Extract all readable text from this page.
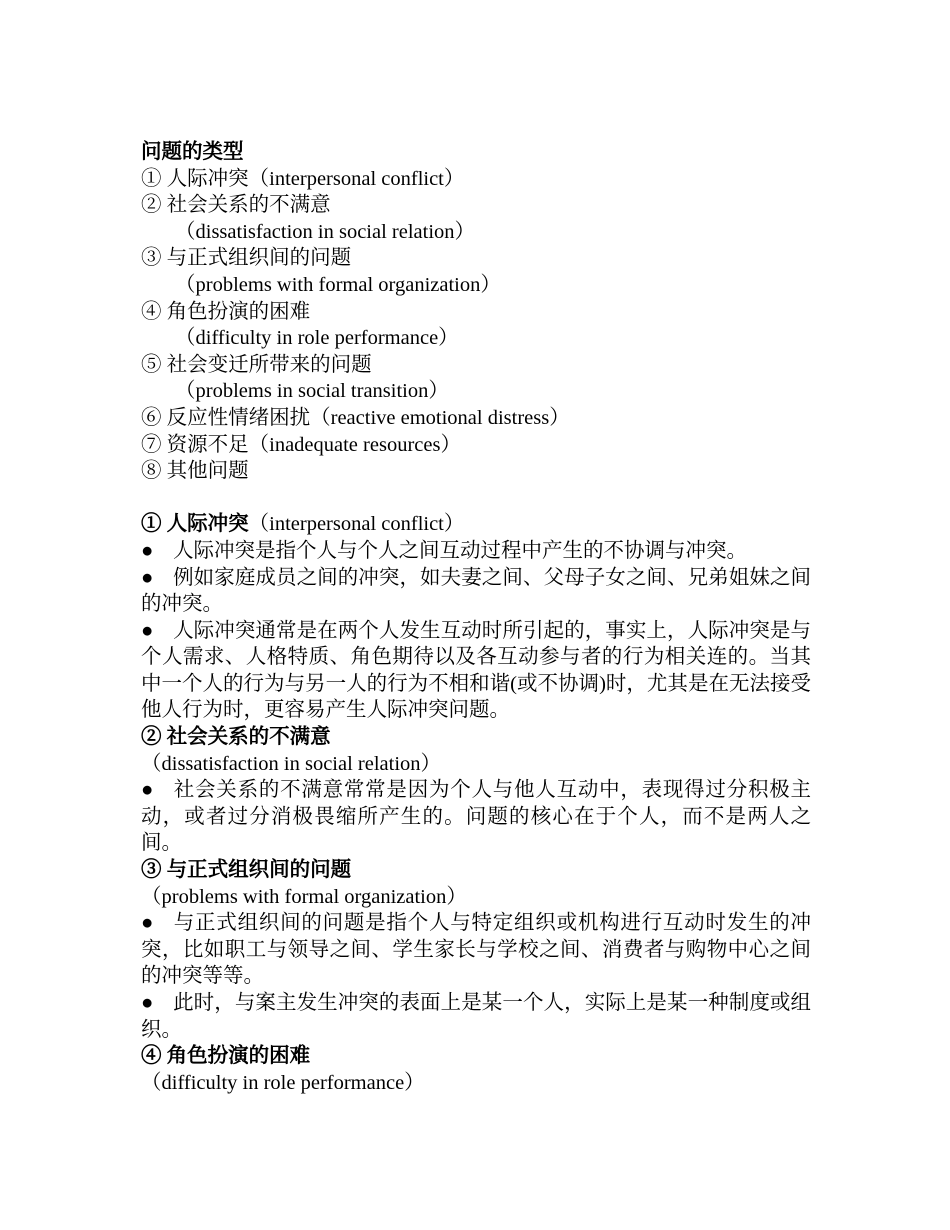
问题的类型
① 人际冲突（interpersonal conflict）
② 社会关系的不满意
（dissatisfaction in social relation）
③ 与正式组织间的问题
（problems with formal organization）
④ 角色扮演的困难
（difficulty in role performance）
⑤ 社会变迁所带来的问题
（problems in social transition）
⑥ 反应性情绪困扰（reactive emotional distress）
⑦ 资源不足（inadequate resources）
⑧ 其他问题
① 人际冲突（interpersonal conflict）
● 人际冲突是指个人与个人之间互动过程中产生的不协调与冲突。
● 例如家庭成员之间的冲突，如夫妻之间、父母子女之间、兄弟姐妹之间的冲突。
● 人际冲突通常是在两个人发生互动时所引起的，事实上，人际冲突是与个人需求、人格特质、角色期待以及各互动参与者的行为相关连的。当其中一个人的行为与另一人的行为不相和谐(或不协调)时，尤其是在无法接受他人行为时，更容易产生人际冲突问题。
② 社会关系的不满意
（dissatisfaction in social relation）
● 社会关系的不满意常常是因为个人与他人互动中，表现得过分积极主动，或者过分消极畏缩所产生的。问题的核心在于个人，而不是两人之间。
③ 与正式组织间的问题
（problems with formal organization）
● 与正式组织间的问题是指个人与特定组织或机构进行互动时发生的冲突，比如职工与领导之间、学生家长与学校之间、消费者与购物中心之间的冲突等等。
● 此时，与案主发生冲突的表面上是某一个人，实际上是某一种制度或组织。
④ 角色扮演的困难
（difficulty in role performance）
